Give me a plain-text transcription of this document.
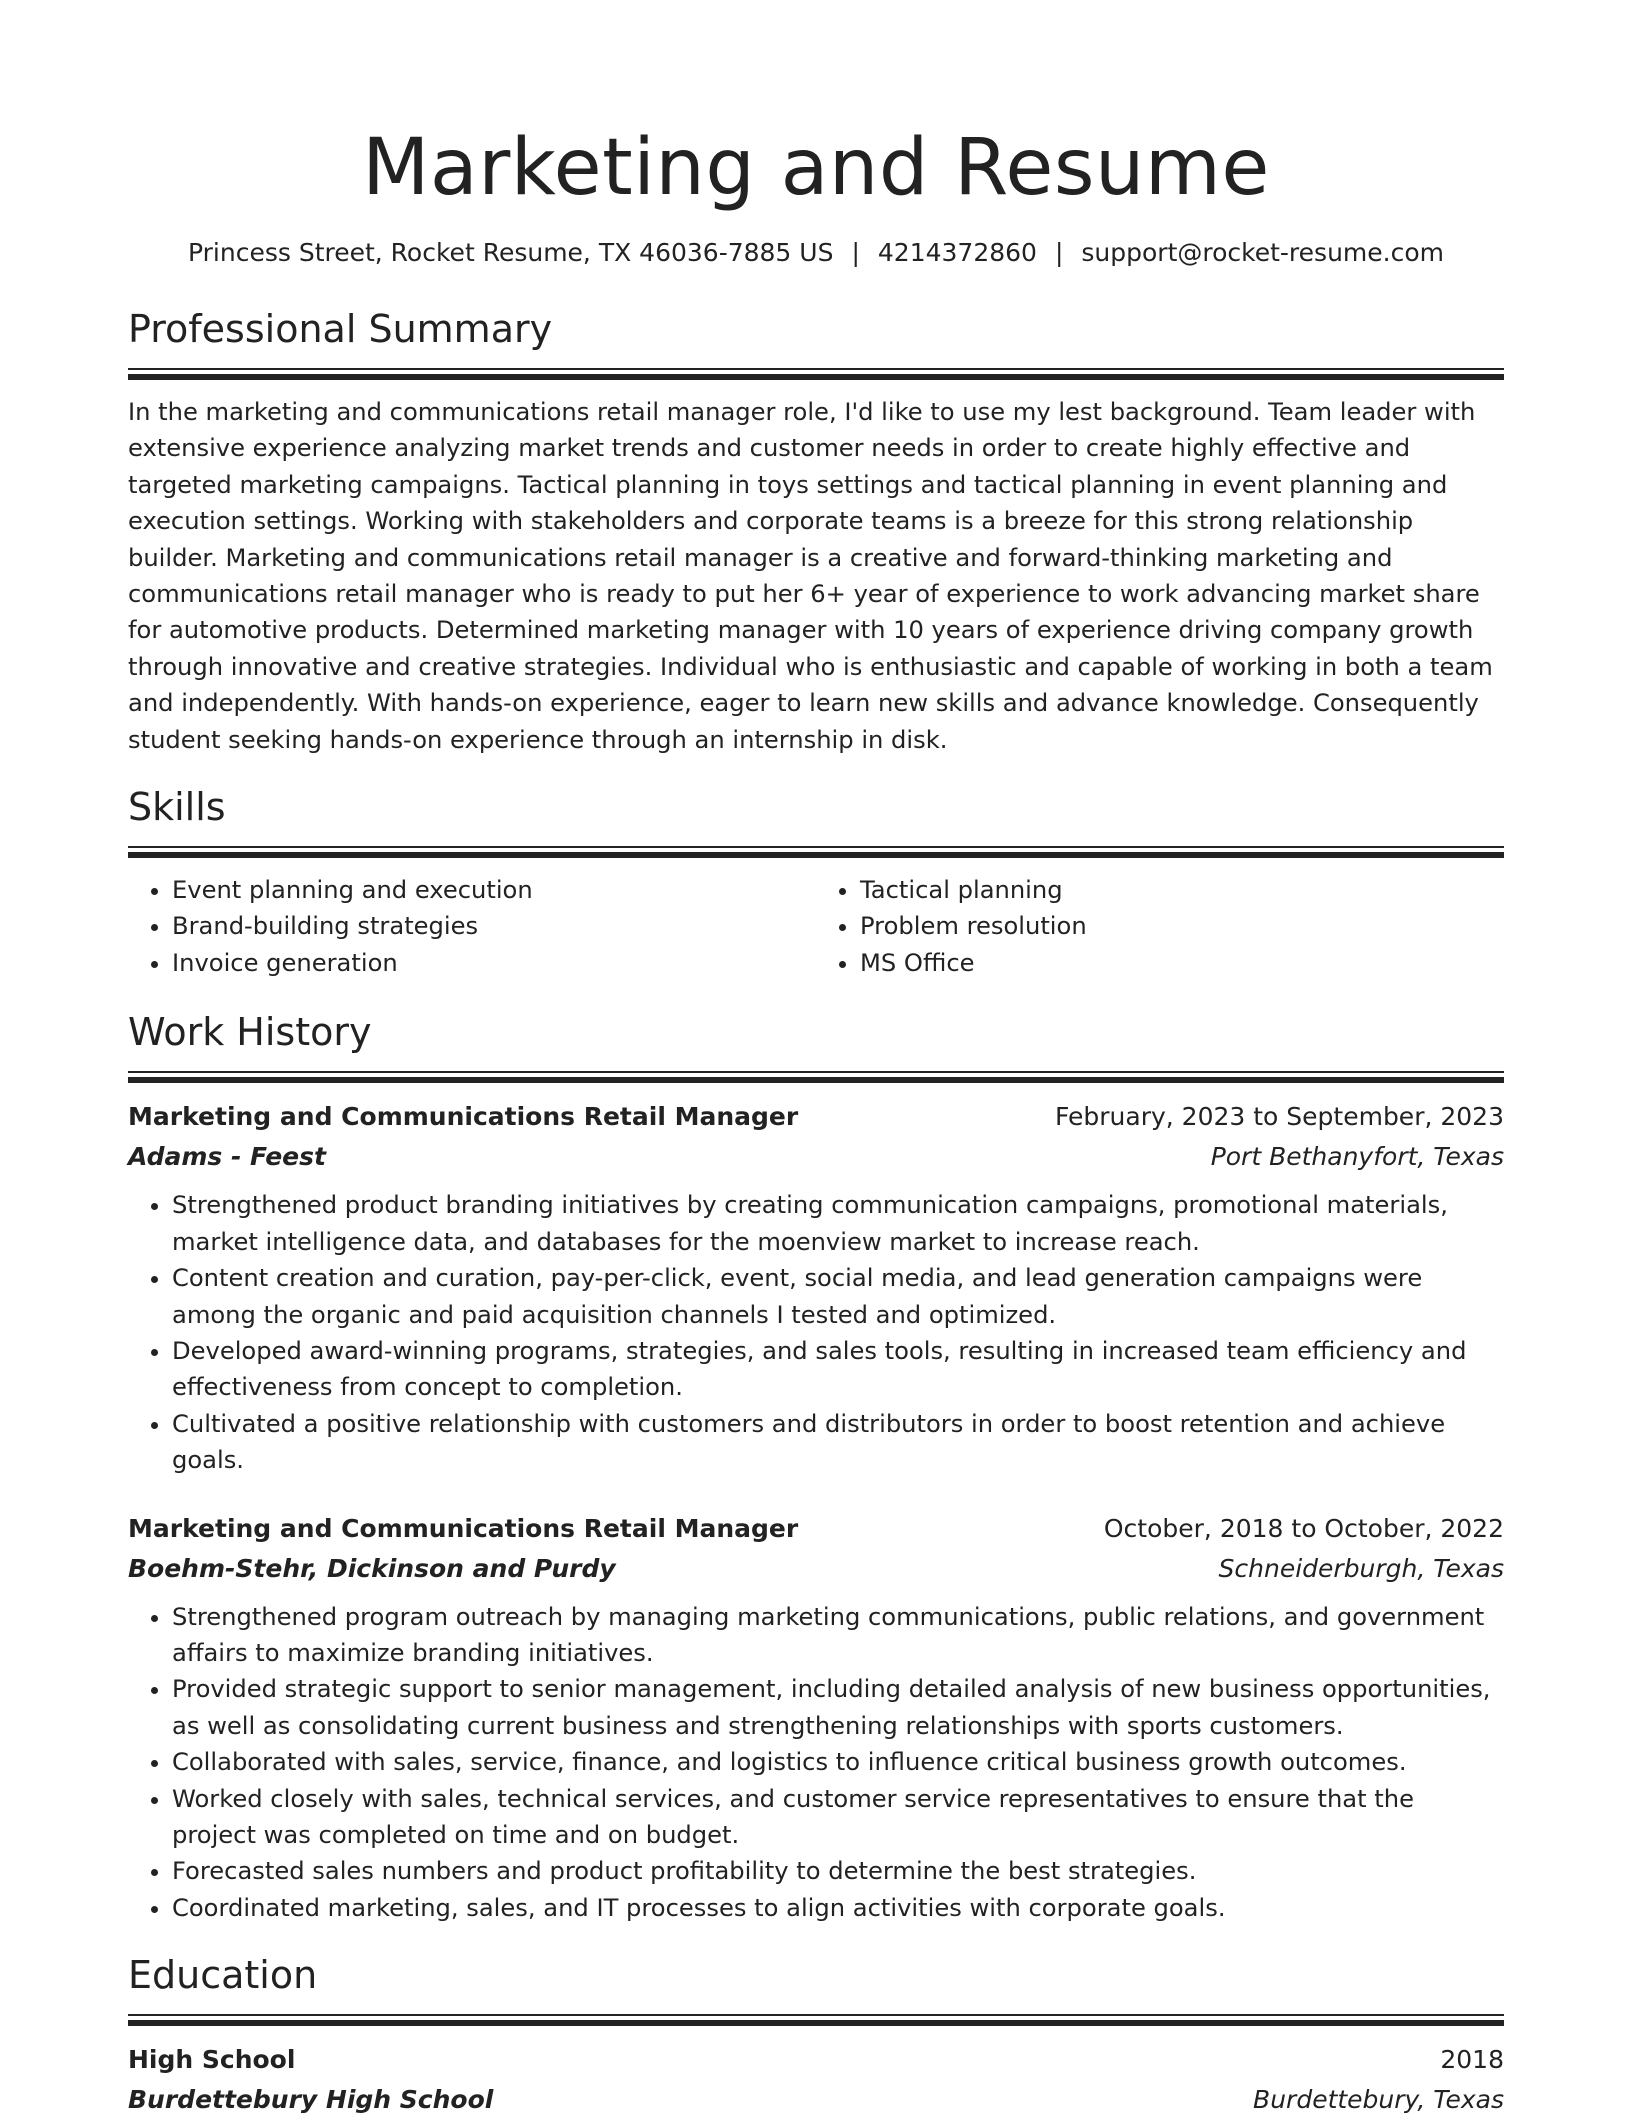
Marketing and Resume
Princess Street, Rocket Resume, TX 46036-7885 US | 4214372860 | support@rocket-resume.com
Professional Summary
In the marketing and communications retail manager role, I'd like to use my lest background. Team leader with extensive experience analyzing market trends and customer needs in order to create highly effective and targeted marketing campaigns. Tactical planning in toys settings and tactical planning in event planning and execution settings. Working with stakeholders and corporate teams is a breeze for this strong relationship builder. Marketing and communications retail manager is a creative and forward-thinking marketing and communications retail manager who is ready to put her 6+ year of experience to work advancing market share for automotive products. Determined marketing manager with 10 years of experience driving company growth through innovative and creative strategies. Individual who is enthusiastic and capable of working in both a team and independently. With hands-on experience, eager to learn new skills and advance knowledge. Consequently student seeking hands-on experience through an internship in disk.
Skills
• Event planning and execution
• Brand-building strategies
• Invoice generation
• Tactical planning
• Problem resolution
• MS Office
Work History
Marketing and Communications Retail Manager	February, 2023 to September, 2023
Adams - Feest	Port Bethanyfort, Texas
• Strengthened product branding initiatives by creating communication campaigns, promotional materials, market intelligence data, and databases for the moenview market to increase reach.
• Content creation and curation, pay-per-click, event, social media, and lead generation campaigns were among the organic and paid acquisition channels I tested and optimized.
• Developed award-winning programs, strategies, and sales tools, resulting in increased team efficiency and effectiveness from concept to completion.
• Cultivated a positive relationship with customers and distributors in order to boost retention and achieve goals.
Marketing and Communications Retail Manager	October, 2018 to October, 2022
Boehm-Stehr, Dickinson and Purdy	Schneiderburgh, Texas
• Strengthened program outreach by managing marketing communications, public relations, and government affairs to maximize branding initiatives.
• Provided strategic support to senior management, including detailed analysis of new business opportunities, as well as consolidating current business and strengthening relationships with sports customers.
• Collaborated with sales, service, finance, and logistics to influence critical business growth outcomes.
• Worked closely with sales, technical services, and customer service representatives to ensure that the project was completed on time and on budget.
• Forecasted sales numbers and product profitability to determine the best strategies.
• Coordinated marketing, sales, and IT processes to align activities with corporate goals.
Education
High School	2018
Burdettebury High School	Burdettebury, Texas
